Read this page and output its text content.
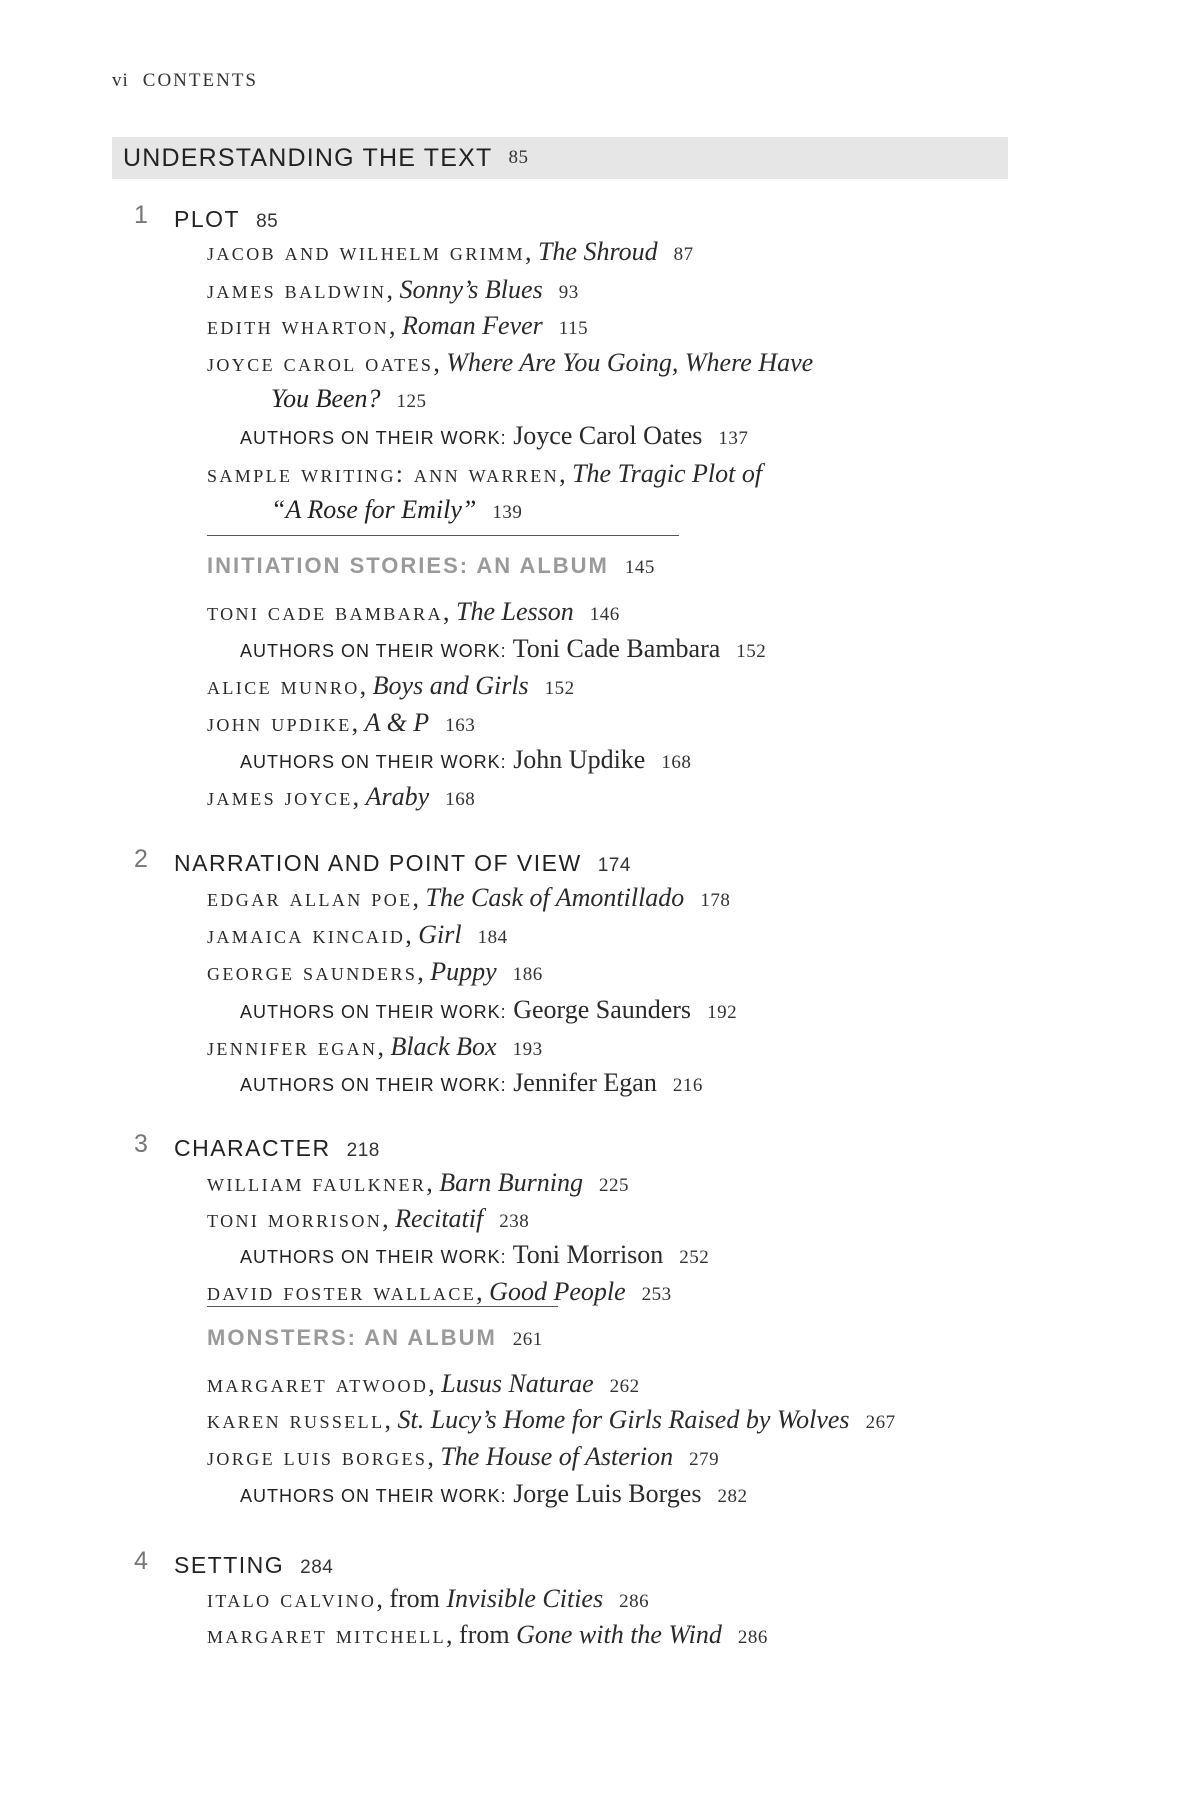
vi CONTENTS
UNDERSTANDING THE TEXT 85
1 PLOT 85
jacob and wilhelm grimm, The Shroud 87
james baldwin, Sonny’s Blues 93
edith wharton, Roman Fever 115
joyce carol oates, Where Are You Going, Where Have
You Been? 125
AUTHORS ON THEIR WORK: Joyce Carol Oates 137
sample writing: ann warren, The Tragic Plot of
“A Rose for Emily” 139
INITIATION STORIES: AN ALBUM 145
toni cade bambara, The Lesson 146
AUTHORS ON THEIR WORK: Toni Cade Bambara 152
alice munro, Boys and Girls 152
john updike, A & P 163
AUTHORS ON THEIR WORK: John Updike 168
james joyce, Araby 168
2 NARRATION AND POINT OF VIEW 174
edgar allan poe, The Cask of Amontillado 178
jamaica kincaid, Girl 184
george saunders, Puppy 186
AUTHORS ON THEIR WORK: George Saunders 192
jennifer egan, Black Box 193
AUTHORS ON THEIR WORK: Jennifer Egan 216
3 CHARACTER 218
william faulkner, Barn Burning 225
toni morrison, Recitatif 238
AUTHORS ON THEIR WORK: Toni Morrison 252
david foster wallace, Good People 253
MONSTERS: AN ALBUM 261
margaret atwood, Lusus Naturae 262
karen russell, St. Lucy’s Home for Girls Raised by Wolves 267
jorge luis borges, The House of Asterion 279
AUTHORS ON THEIR WORK: Jorge Luis Borges 282
4 SETTING 284
italo calvino, from Invisible Cities 286
margaret mitchell, from Gone with the Wind 286
